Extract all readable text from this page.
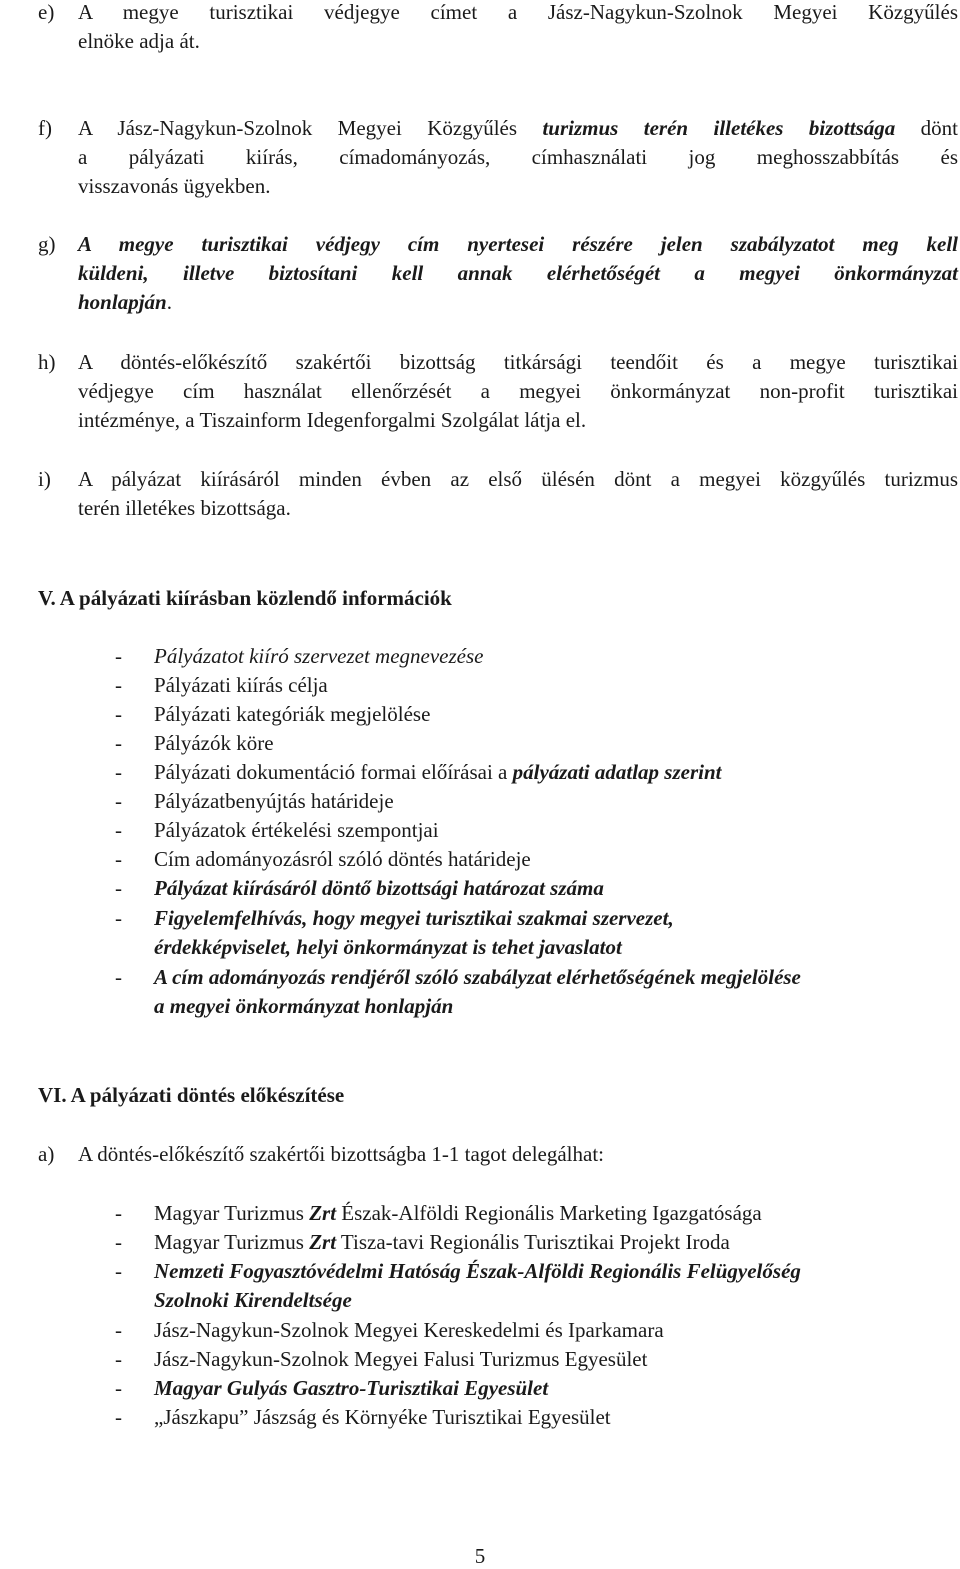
e) A megye turisztikai védjegye címet a Jász-Nagykun-Szolnok Megyei Közgyűlés
elnöke adja át.
f) A Jász-Nagykun-Szolnok Megyei Közgyűlés turizmus terén illetékes bizottsága dönt
a pályázati kiírás, címadományozás, címhasználati jog meghosszabbítás és
visszavonás ügyekben.
g) A megye turisztikai védjegy cím nyertesei részére jelen szabályzatot meg kell
küldeni, illetve biztosítani kell annak elérhetőségét a megyei önkormányzat
honlapján.
h) A döntés-előkészítő szakértői bizottság titkársági teendőit és a megye turisztikai
védjegye cím használat ellenőrzését a megyei önkormányzat non-profit turisztikai
intézménye, a Tiszainform Idegenforgalmi Szolgálat látja el.
i) A pályázat kiírásáról minden évben az első ülésén dönt a megyei közgyűlés turizmus
terén illetékes bizottsága.
V. A pályázati kiírásban közlendő információk
- Pályázatot kiíró szervezet megnevezése
- Pályázati kiírás célja
- Pályázati kategóriák megjelölése
- Pályázók köre
- Pályázati dokumentáció formai előírásai a pályázati adatlap szerint
- Pályázatbenyújtás határideje
- Pályázatok értékelési szempontjai
- Cím adományozásról szóló döntés határideje
- Pályázat kiírásáról döntő bizottsági határozat száma
- Figyelemfelhívás, hogy megyei turisztikai szakmai szervezet,
érdekképviselet, helyi önkormányzat is tehet javaslatot
- A cím adományozás rendjéről szóló szabályzat elérhetőségének megjelölése
a megyei önkormányzat honlapján
VI. A pályázati döntés előkészítése
a) A döntés-előkészítő szakértői bizottságba 1-1 tagot delegálhat:
- Magyar Turizmus Zrt Észak-Alföldi Regionális Marketing Igazgatósága
- Magyar Turizmus Zrt Tisza-tavi Regionális Turisztikai Projekt Iroda
- Nemzeti Fogyasztóvédelmi Hatóság Észak-Alföldi Regionális Felügyelőség
Szolnoki Kirendeltsége
- Jász-Nagykun-Szolnok Megyei Kereskedelmi és Iparkamara
- Jász-Nagykun-Szolnok Megyei Falusi Turizmus Egyesület
- Magyar Gulyás Gasztro-Turisztikai Egyesület
- „Jászkapu” Jászság és Környéke Turisztikai Egyesület
5
